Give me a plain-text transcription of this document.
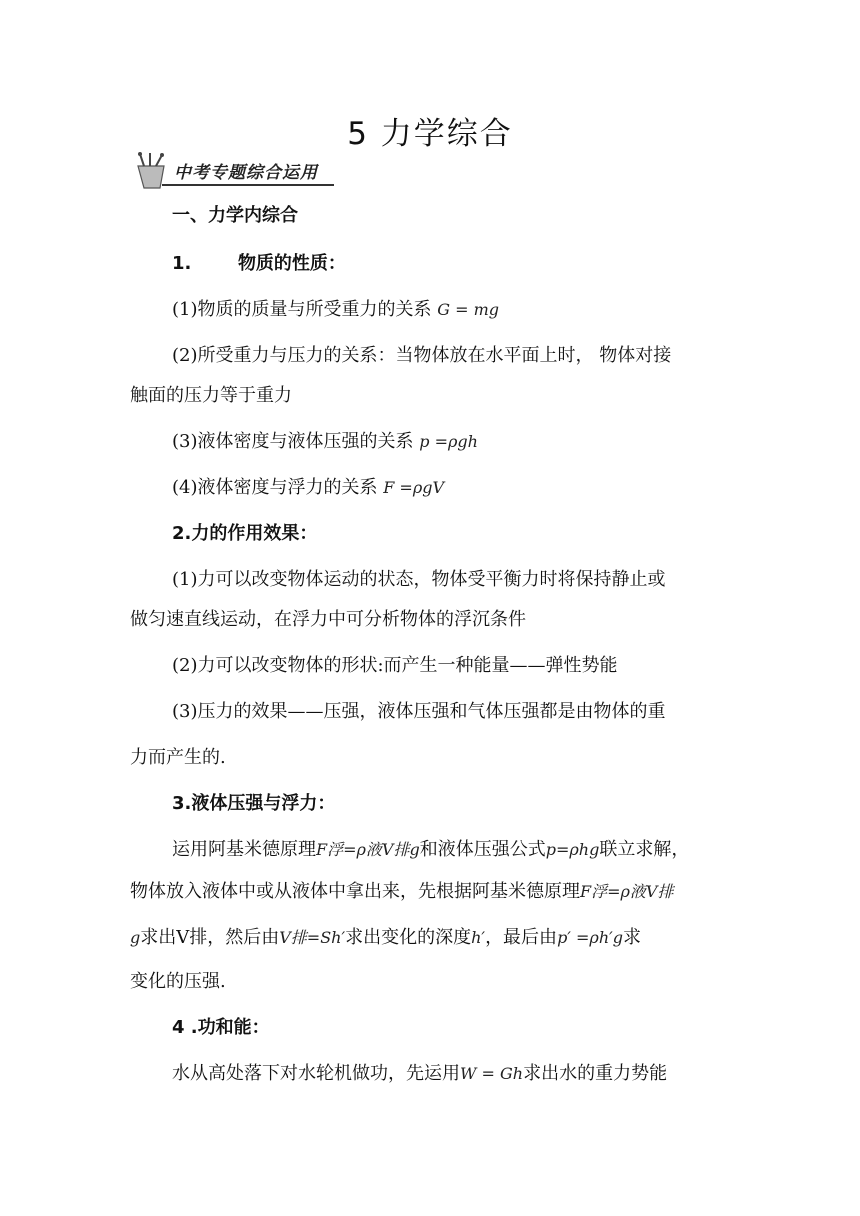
5 力学综合
中考专题综合运用
一、力学内综合
1.	物质的性质：
(1)物质的质量与所受重力的关系 G = mg
(2)所受重力与压力的关系：当物体放在水平面上时， 物体对接
触面的压力等于重力
(3)液体密度与液体压强的关系 p =ρgh
(4)液体密度与浮力的关系 F =ρgV
2.力的作用效果：
(1)力可以改变物体运动的状态，物体受平衡力时将保持静止或
做匀速直线运动，在浮力中可分析物体的浮沉条件
(2)力可以改变物体的形状:而产生一种能量——弹性势能
(3)压力的效果——压强，液体压强和气体压强都是由物体的重
力而产生的.
3.液体压强与浮力：
运用阿基米德原理F浮=ρ液V排g和液体压强公式p=ρhg联立求解，
物体放入液体中或从液体中拿出来，先根据阿基米德原理F浮=ρ液V排
g求出V排，然后由V排=Sh′求出变化的深度h′，最后由p′ =ρh′g求
变化的压强.
4 .功和能：
水从高处落下对水轮机做功，先运用W = Gh求出水的重力势能
